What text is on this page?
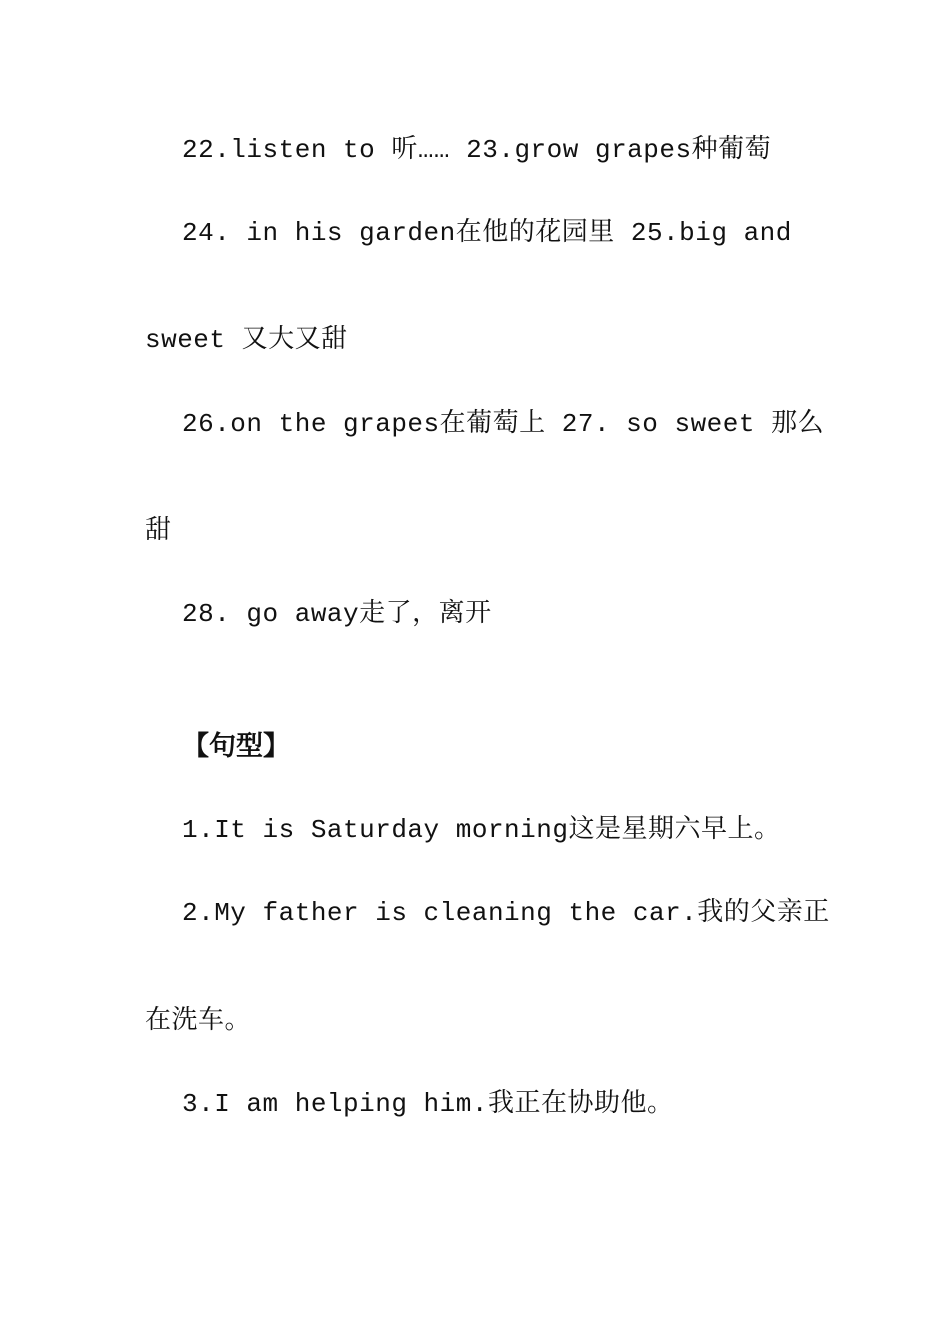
22.listen to 听…… 23.grow grapes种葡萄
24. in his garden在他的花园里 25.big and
sweet 又大又甜
26.on the grapes在葡萄上 27. so sweet 那么
甜
28. go away走了，离开
【句型】
1.It is Saturday morning这是星期六早上。
2.My father is cleaning the car.我的父亲正
在洗车。
3.I am helping him.我正在协助他。
